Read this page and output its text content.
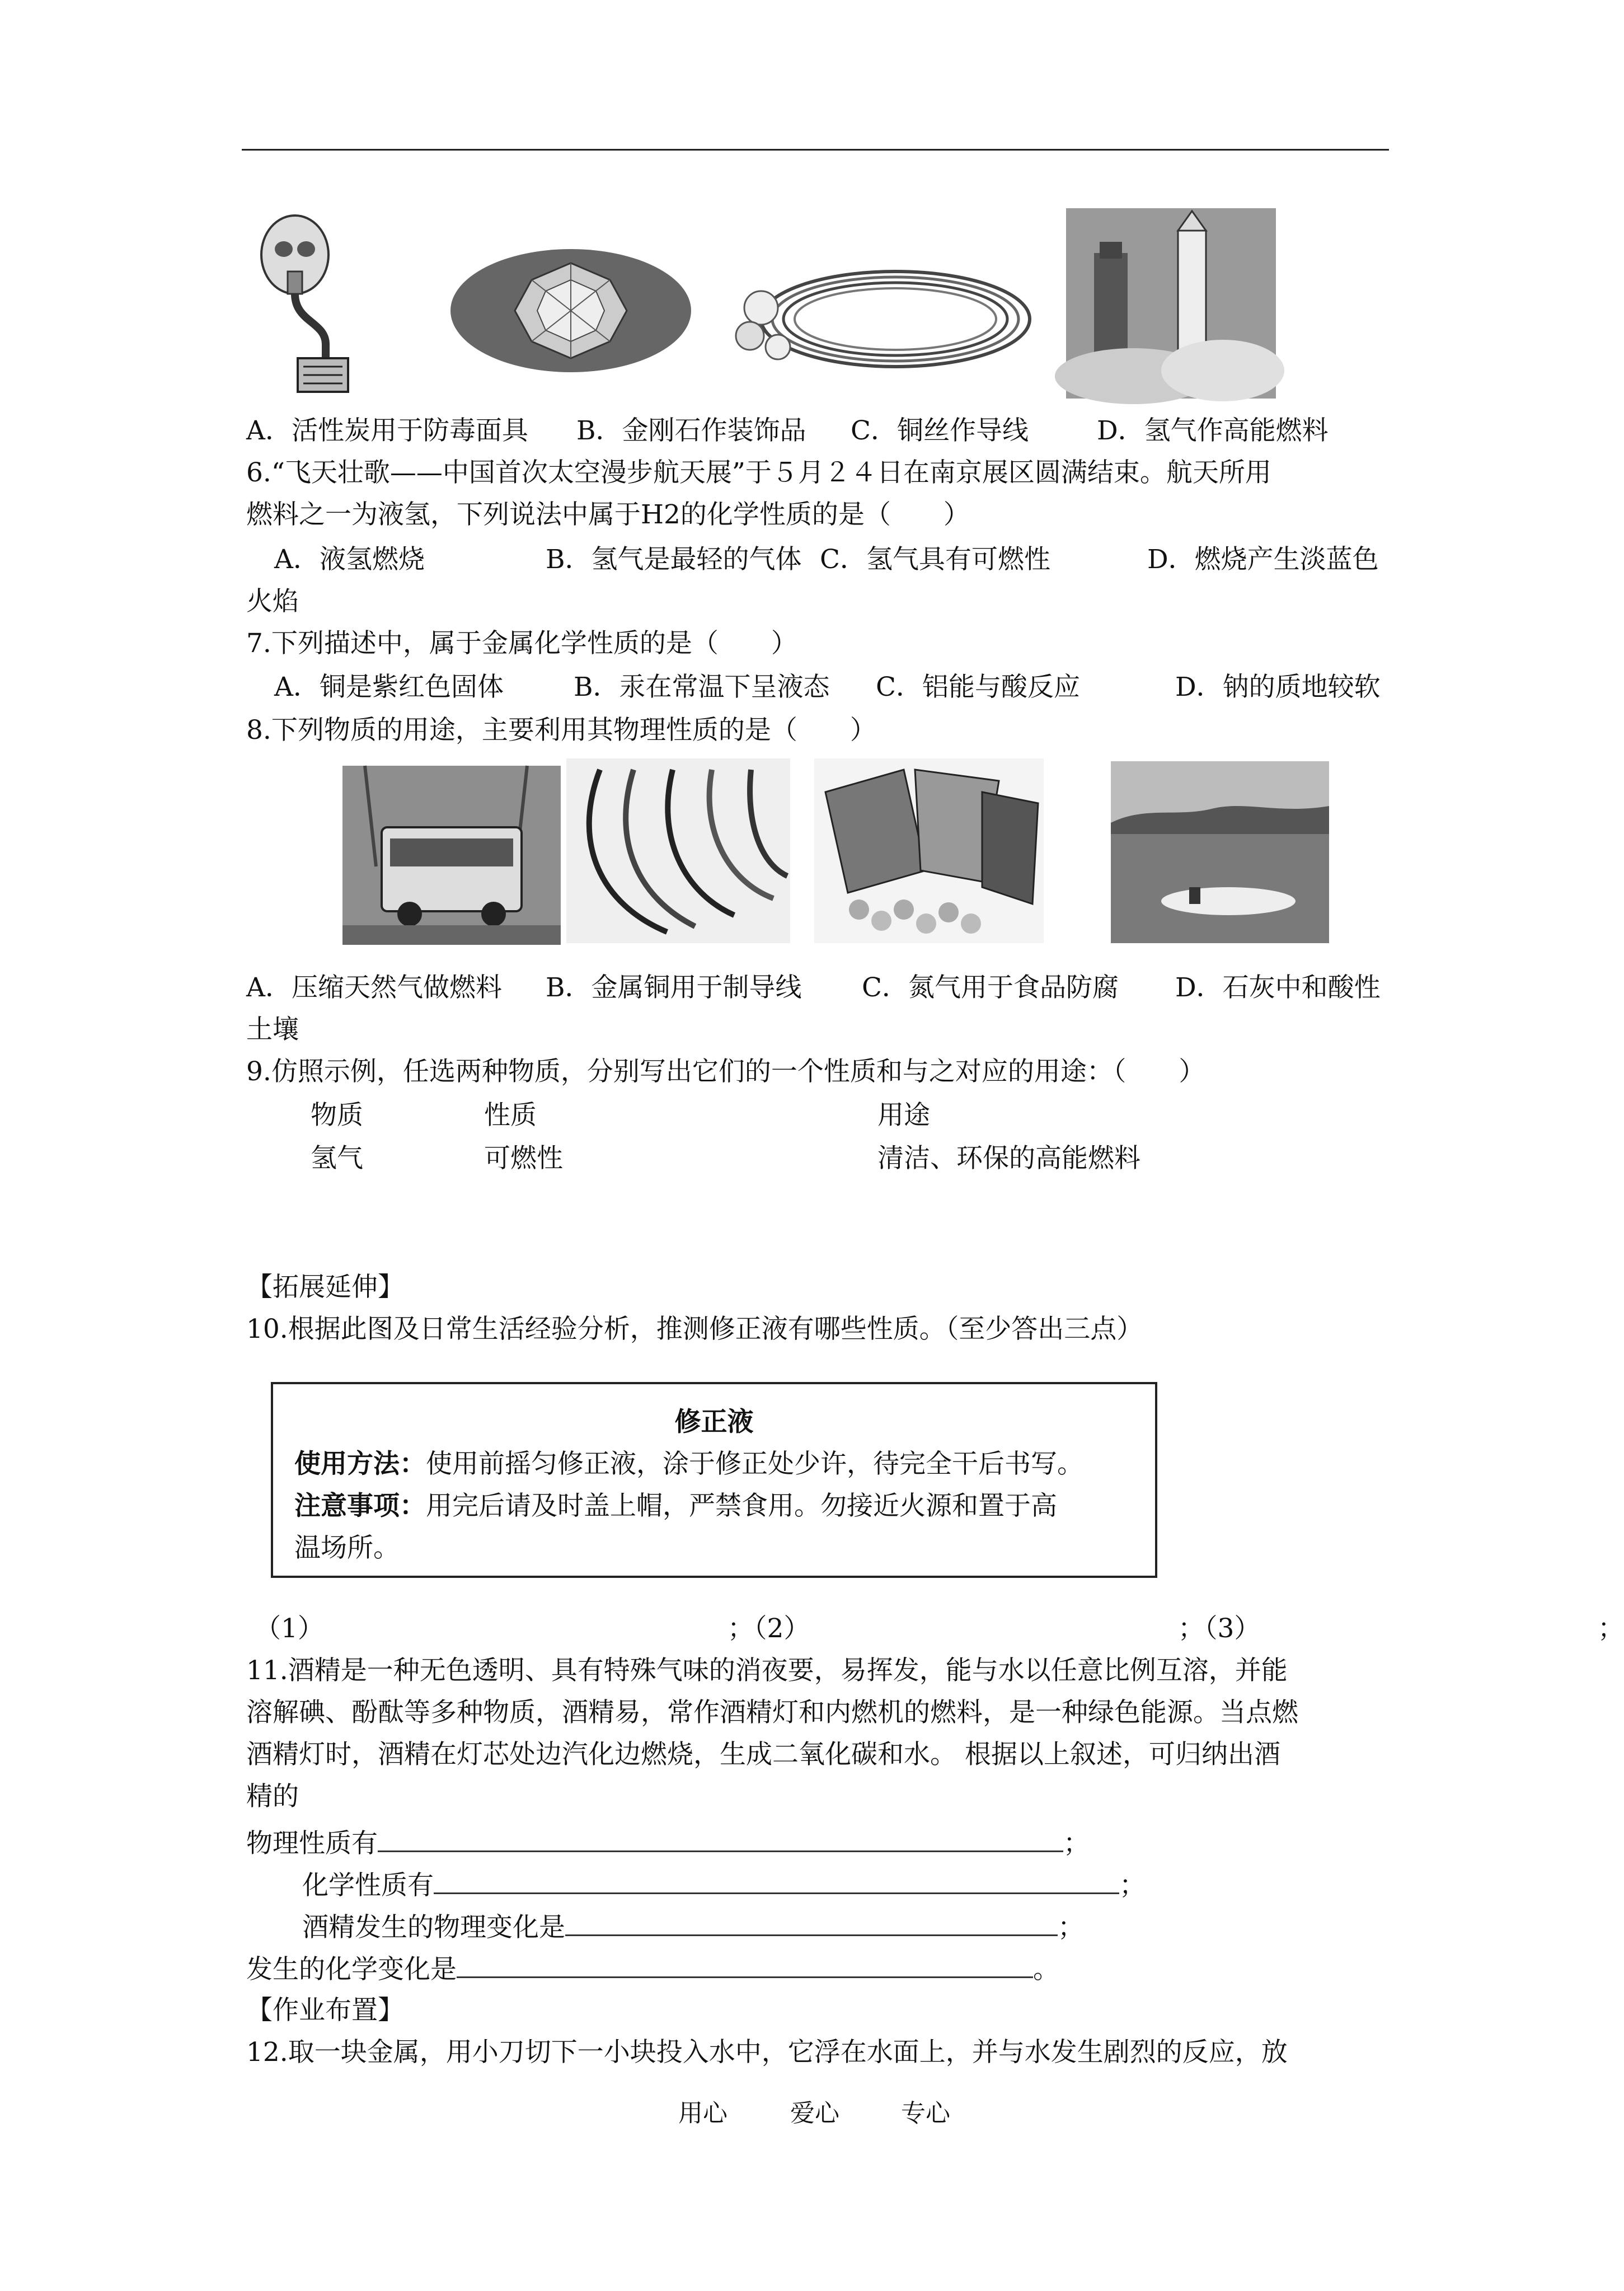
A．活性炭用于防毒面具 B．金刚石作装饰品 C．铜丝作导线	D．氢气作高能燃料
6.“飞天壮歌——中国首次太空漫步航天展”于５月２４日在南京展区圆满结束。航天所用
燃料之一为液氢，下列说法中属于H2的化学性质的是（　　）
A．液氢燃烧	B．氢气是最轻的气体 C．氢气具有可燃性	D．燃烧产生淡蓝色
火焰
7.下列描述中，属于金属化学性质的是（　　）
A．铜是紫红色固体	B．汞在常温下呈液态 C．铝能与酸反应	D．钠的质地较软
8.下列物质的用途，主要利用其物理性质的是（　　）
A．压缩天然气做燃料 B．金属铜用于制导线 C．氮气用于食品防腐 D．石灰中和酸性
土壤
9.仿照示例，任选两种物质，分别写出它们的一个性质和与之对应的用途：（　　）
物质	性质	用途
氢气	可燃性	清洁、环保的高能燃料
【拓展延伸】
10.根据此图及日常生活经验分析，推测修正液有哪些性质。（至少答出三点）
修正液
使用方法：使用前摇匀修正液，涂于修正处少许，待完全干后书写。
注意事项：用完后请及时盖上帽，严禁食用。勿接近火源和置于高
温场所。
（1）	；（2）	；（3）	；
11.酒精是一种无色透明、具有特殊气味的消夜要，易挥发，能与水以任意比例互溶，并能
溶解碘、酚酞等多种物质，酒精易，常作酒精灯和内燃机的燃料，是一种绿色能源。当点燃
酒精灯时，酒精在灯芯处边汽化边燃烧，生成二氧化碳和水。 根据以上叙述，可归纳出酒
精的
物理性质有	；
化学性质有	；
酒精发生的物理变化是	；
发生的化学变化是	。
【作业布置】
12.取一块金属，用小刀切下一小块投入水中，它浮在水面上，并与水发生剧烈的反应，放
用心	爱心	专心
